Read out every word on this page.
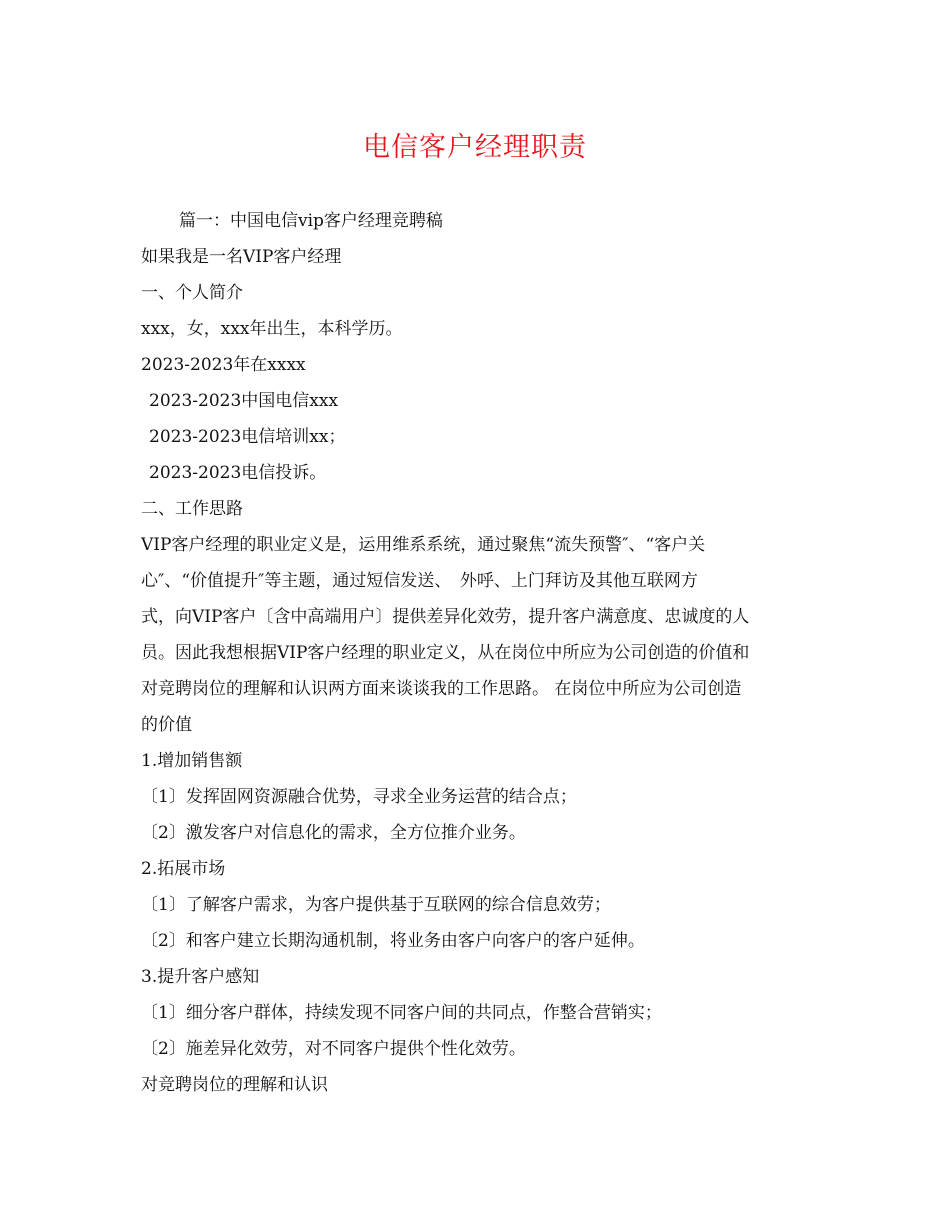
电信客户经理职责
篇一：中国电信vip客户经理竞聘稿
如果我是一名VIP客户经理
一、个人简介
xxx，女，xxx年出生，本科学历。
2023-2023年在xxxx
2023-2023中国电信xxx
2023-2023电信培训xx；
2023-2023电信投诉。
二、工作思路
VIP客户经理的职业定义是，运用维系系统，通过聚焦“流失预警″、“客户关
心″、“价值提升″等主题，通过短信发送、　外呼、上门拜访及其他互联网方
式，向VIP客户〔含中高端用户〕提供差异化效劳，提升客户满意度、忠诚度的人
员。因此我想根据VIP客户经理的职业定义，从在岗位中所应为公司创造的价值和
对竞聘岗位的理解和认识两方面来谈谈我的工作思路。 在岗位中所应为公司创造
的价值
1.增加销售额
〔1〕发挥固网资源融合优势，寻求全业务运营的结合点；
〔2〕激发客户对信息化的需求，全方位推介业务。
2.拓展市场
〔1〕了解客户需求，为客户提供基于互联网的综合信息效劳；
〔2〕和客户建立长期沟通机制，将业务由客户向客户的客户延伸。
3.提升客户感知
〔1〕细分客户群体，持续发现不同客户间的共同点，作整合营销实；
〔2〕施差异化效劳，对不同客户提供个性化效劳。
对竞聘岗位的理解和认识
